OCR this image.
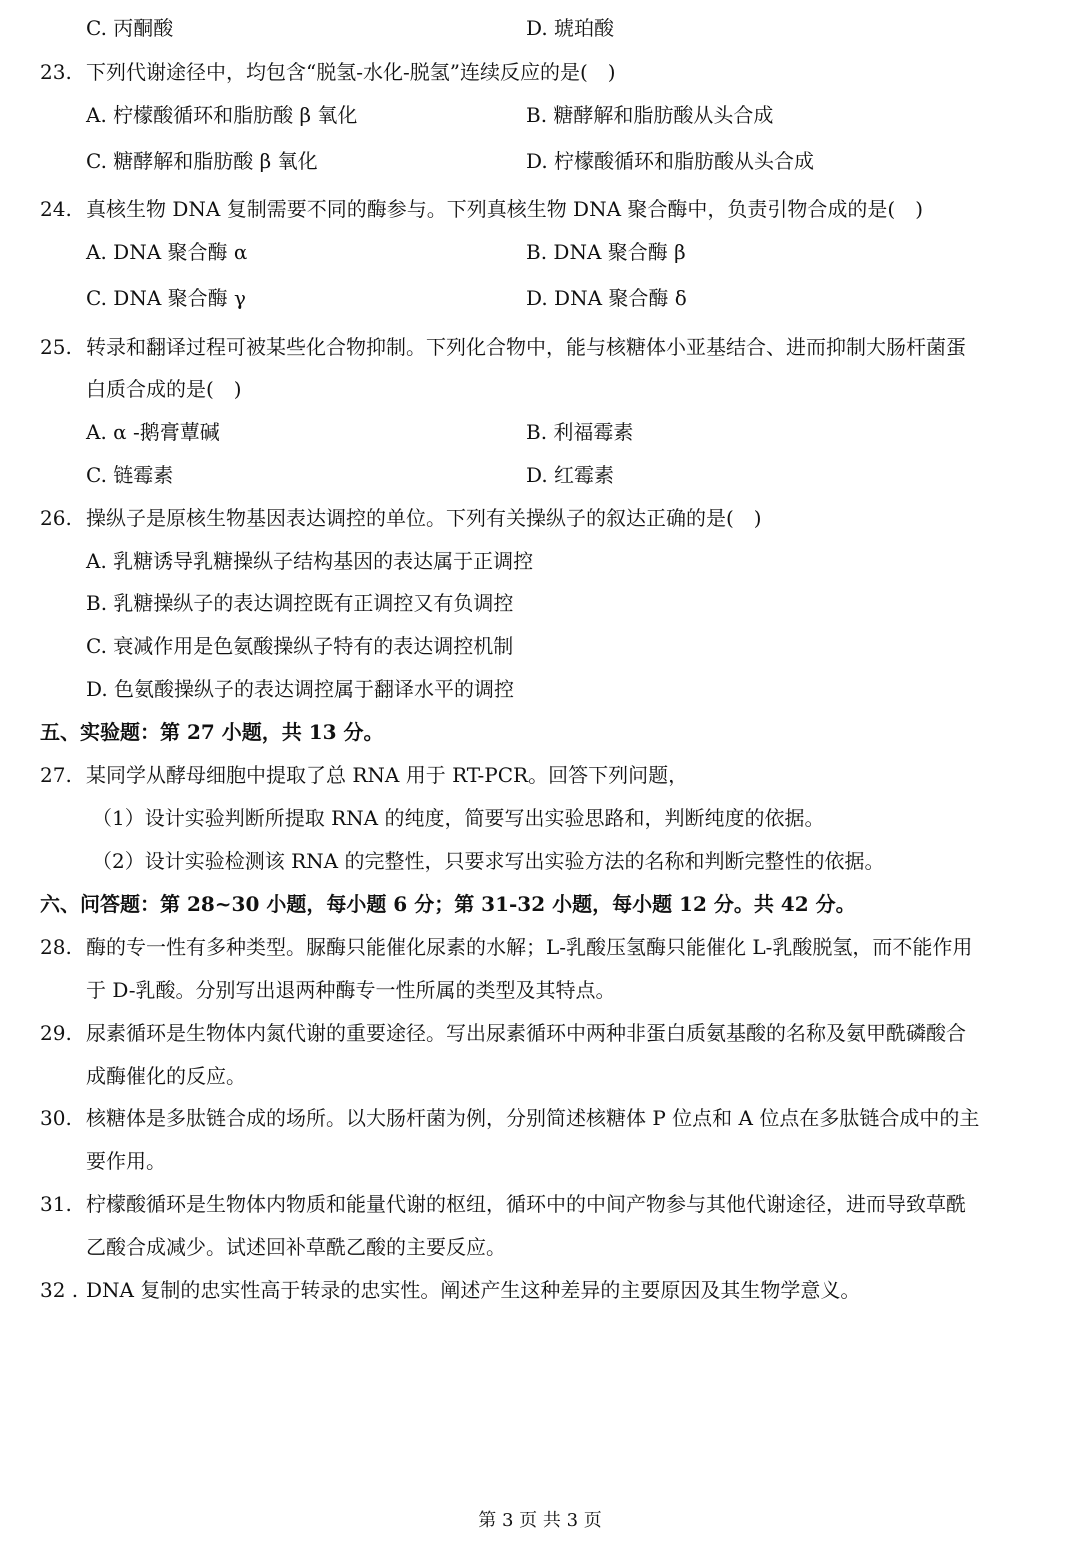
C. 丙酮酸	D. 琥珀酸
23. 下列代谢途径中，均包含“脱氢-水化-脱氢”连续反应的是(　)
A. 柠檬酸循环和脂肪酸 β 氧化	B. 糖酵解和脂肪酸从头合成
C. 糖酵解和脂肪酸 β 氧化	D. 柠檬酸循环和脂肪酸从头合成
24. 真核生物 DNA 复制需要不同的酶参与。下列真核生物 DNA 聚合酶中，负责引物合成的是(　)
A. DNA 聚合酶 α	B. DNA 聚合酶 β
C. DNA 聚合酶 γ	D. DNA 聚合酶 δ
25. 转录和翻译过程可被某些化合物抑制。下列化合物中，能与核糖体小亚基结合、进而抑制大肠杆菌蛋
白质合成的是(　)
A. α -鹅膏蕈碱	B. 利福霉素
C. 链霉素	D. 红霉素
26. 操纵子是原核生物基因表达调控的单位。下列有关操纵子的叙达正确的是(　)
A. 乳糖诱导乳糖操纵子结构基因的表达属于正调控
B. 乳糖操纵子的表达调控既有正调控又有负调控
C. 衰减作用是色氨酸操纵子特有的表达调控机制
D. 色氨酸操纵子的表达调控属于翻译水平的调控
五、实验题：第 27 小题，共 13 分。
27. 某同学从酵母细胞中提取了总 RNA 用于 RT-PCR。回答下列问题，
（1）设计实验判断所提取 RNA 的纯度，简要写出实验思路和，判断纯度的依据。
（2）设计实验检测该 RNA 的完整性，只要求写出实验方法的名称和判断完整性的依据。
六、问答题：第 28~30 小题，每小题 6 分；第 31-32 小题，每小题 12 分。共 42 分。
28. 酶的专一性有多种类型。脲酶只能催化尿素的水解；L-乳酸压氢酶只能催化 L-乳酸脱氢，而不能作用
于 D-乳酸。分别写出退两种酶专一性所属的类型及其特点。
29. 尿素循环是生物体内氮代谢的重要途径。写出尿素循环中两种非蛋白质氨基酸的名称及氨甲酰磷酸合
成酶催化的反应。
30. 核糖体是多肽链合成的场所。以大肠杆菌为例，分别简述核糖体 P 位点和 A 位点在多肽链合成中的主
要作用。
31. 柠檬酸循环是生物体内物质和能量代谢的枢纽，循环中的中间产物参与其他代谢途径，进而导致草酰
乙酸合成减少。试述回补草酰乙酸的主要反应。
32 . DNA 复制的忠实性高于转录的忠实性。阐述产生这种差异的主要原因及其生物学意义。
第 3 页 共 3 页
